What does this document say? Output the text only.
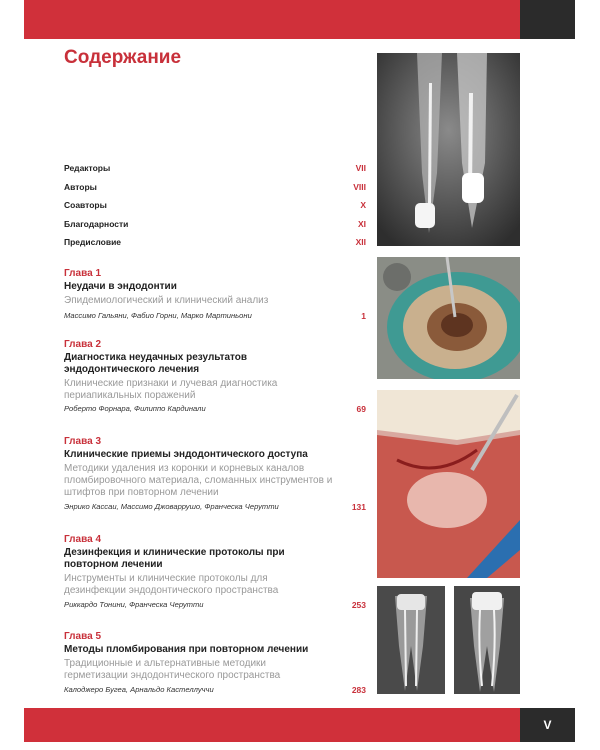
Содержание
Редакторы	VII
Авторы	VIII
Соавторы	X
Благодарности	XI
Предисловие	XII
Глава 1
Неудачи в эндодонтии
Эпидемиологический и клинический анализ
Массимо Гальяни, Фабио Горни, Марко Мартиньони	1
Глава 2
Диагностика неудачных результатов эндодонтического лечения
Клинические признаки и лучевая диагностика периапикальных поражений
Роберто Форнара, Филиппо Кардинали	69
Глава 3
Клинические приемы эндодонтического доступа
Методики удаления из коронки и корневых каналов пломбировочного материала, сломанных инструментов и штифтов при повторном лечении
Энрико Кассаи, Массимо Джоваррушо, Франческа Черутти	131
Глава 4
Дезинфекция и клинические протоколы при повторном лечении
Инструменты и клинические протоколы для дезинфекции эндодонтического пространства
Риккардо Тонини, Франческа Черутти	253
Глава 5
Методы пломбирования при повторном лечении
Традиционные и альтернативные методики герметизации эндодонтического пространства
Калоджеро Бугеа, Арнальдо Кастеллуччи	283
V
